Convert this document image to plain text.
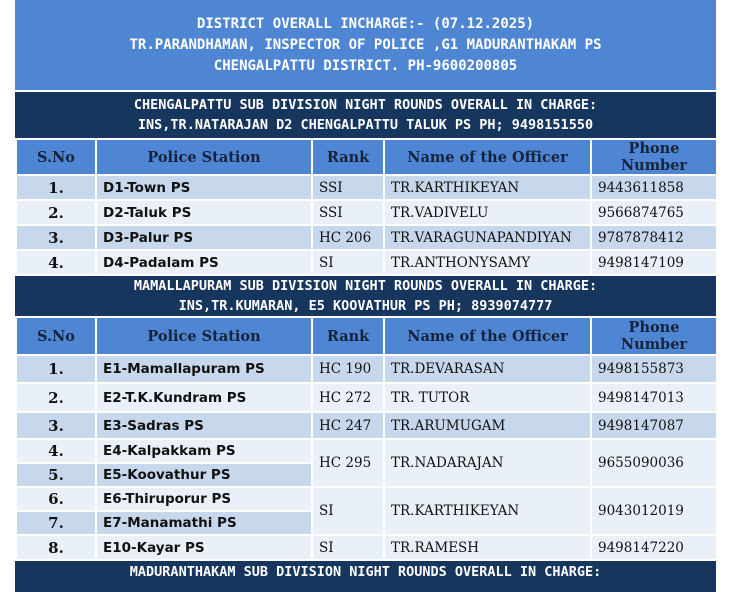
DISTRICT OVERALL INCHARGE:- (07.12.2025)
TR.PARANDHAMAN, INSPECTOR OF POLICE ,G1 MADURANTHAKAM PS
CHENGALPATTU DISTRICT. PH-9600200805
CHENGALPATTU SUB DIVISION NIGHT ROUNDS OVERALL IN CHARGE:
INS,TR.NATARAJAN D2 CHENGALPATTU TALUK PS PH; 9498151550
S.No	Police Station	Rank	Name of the Officer	Phone
Number

1.	D1-Town PS	SSI	TR.KARTHIKEYAN	9443611858
2.	D2-Taluk PS	SSI	TR.VADIVELU	9566874765
3.	D3-Palur PS	HC 206	TR.VARAGUNAPANDIYAN	9787878412
4.	D4-Padalam PS	SI	TR.ANTHONYSAMY	9498147109
MAMALLAPURAM SUB DIVISION NIGHT ROUNDS OVERALL IN CHARGE:
INS,TR.KUMARAN, E5 KOOVATHUR PS PH; 8939074777
S.No	Police Station	Rank	Name of the Officer	Phone
Number

1.	E1-Mamallapuram PS	HC 190	TR.DEVARASAN	9498155873
2.	E2-T.K.Kundram PS	HC 272	TR. TUTOR	9498147013
3.	E3-Sadras PS	HC 247	TR.ARUMUGAM	9498147087
4.	E4-Kalpakkam PS	HC 295	TR.NADARAJAN	9655090036
5.	E5-Koovathur PS			
6.	E6-Thiruporur PS	SI	TR.KARTHIKEYAN	9043012019
7.	E7-Manamathi PS			
8.	E10-Kayar PS	SI	TR.RAMESH	9498147220
MADURANTHAKAM SUB DIVISION NIGHT ROUNDS OVERALL IN CHARGE:
